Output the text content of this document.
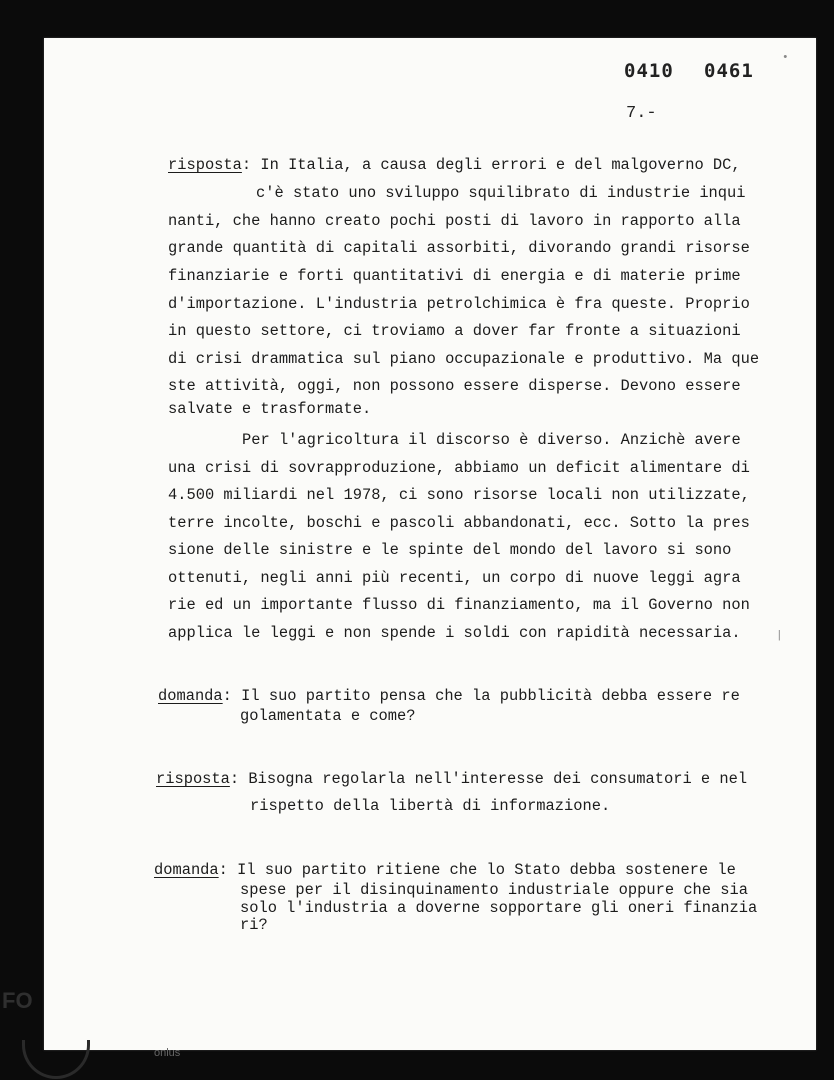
0410 0461
7.-
risposta: In Italia, a causa degli errori e del malgoverno DC,
c'è stato uno sviluppo squilibrato di industrie inqui
nanti, che hanno creato pochi posti di lavoro in rapporto alla
grande quantità di capitali assorbiti, divorando grandi risorse
finanziarie e forti quantitativi di energia e di materie prime
d'importazione. L'industria petrolchimica è fra queste. Proprio
in questo settore, ci troviamo a dover far fronte a situazioni
di crisi drammatica sul piano occupazionale e produttivo. Ma que
ste attività, oggi, non possono essere disperse. Devono essere
salvate e trasformate.
Per l'agricoltura il discorso è diverso. Anzichè avere
una crisi di sovrapproduzione, abbiamo un deficit alimentare di
4.500 miliardi nel 1978, ci sono risorse locali non utilizzate,
terre incolte, boschi e pascoli abbandonati, ecc. Sotto la pres
sione delle sinistre e le spinte del mondo del lavoro si sono
ottenuti, negli anni più recenti, un corpo di nuove leggi agra
rie ed un importante flusso di finanziamento, ma il Governo non
applica le leggi e non spende i soldi con rapidità necessaria.
domanda: Il suo partito pensa che la pubblicità debba essere re
golamentata e come?
risposta: Bisogna regolarla nell'interesse dei consumatori e nel
rispetto della libertà di informazione.
domanda: Il suo partito ritiene che lo Stato debba sostenere le
spese per il disinquinamento industriale oppure che sia
solo l'industria a doverne sopportare gli oneri finanzia
ri?
|
•
FO
onlus
